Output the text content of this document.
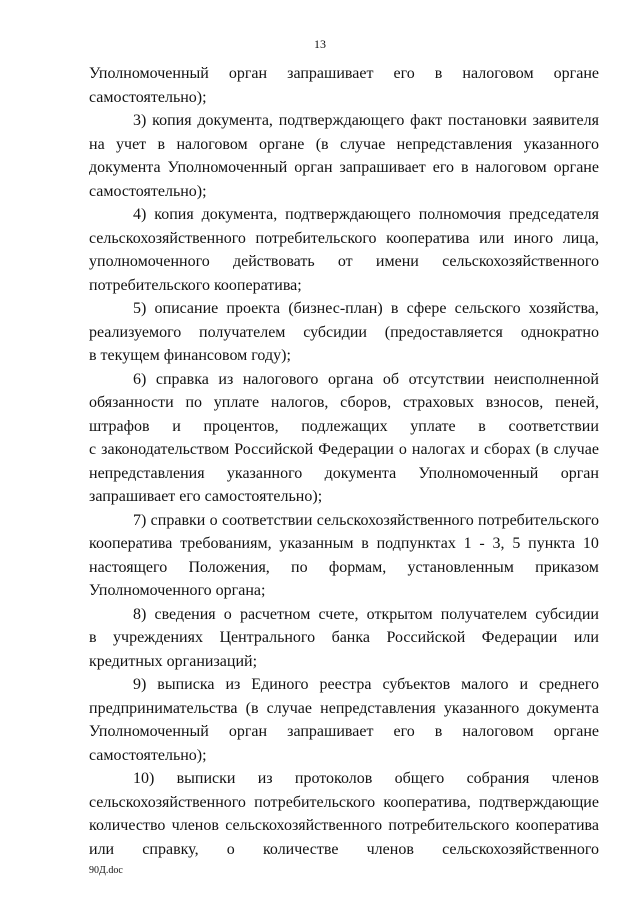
13

Уполномоченный орган запрашивает его в налоговом органе
самостоятельно);
3) копия документа, подтверждающего факт постановки заявителя
на учет в налоговом органе (в случае непредставления указанного
документа Уполномоченный орган запрашивает его в налоговом органе
самостоятельно);
4) копия документа, подтверждающего полномочия председателя
сельскохозяйственного потребительского кооператива или иного лица,
уполномоченного действовать от имени сельскохозяйственного
потребительского кооператива;
5) описание проекта (бизнес-план) в сфере сельского хозяйства,
реализуемого получателем субсидии (предоставляется однократно
в текущем финансовом году);
6) справка из налогового органа об отсутствии неисполненной
обязанности по уплате налогов, сборов, страховых взносов, пеней,
штрафов и процентов, подлежащих уплате в соответствии
с законодательством Российской Федерации о налогах и сборах (в случае
непредставления указанного документа Уполномоченный орган
запрашивает его самостоятельно);
7) справки о соответствии сельскохозяйственного потребительского
кооператива требованиям, указанным в подпунктах 1 - 3, 5 пункта 10
настоящего Положения, по формам, установленным приказом
Уполномоченного органа;
8) сведения о расчетном счете, открытом получателем субсидии
в учреждениях Центрального банка Российской Федерации или
кредитных организаций;
9) выписка из Единого реестра субъектов малого и среднего
предпринимательства (в случае непредставления указанного документа
Уполномоченный орган запрашивает его в налоговом органе
самостоятельно);
10) выписки из протоколов общего собрания членов
сельскохозяйственного потребительского кооператива, подтверждающие
количество членов сельскохозяйственного потребительского кооператива
или справку, о количестве членов сельскохозяйственного

90Д.doc
